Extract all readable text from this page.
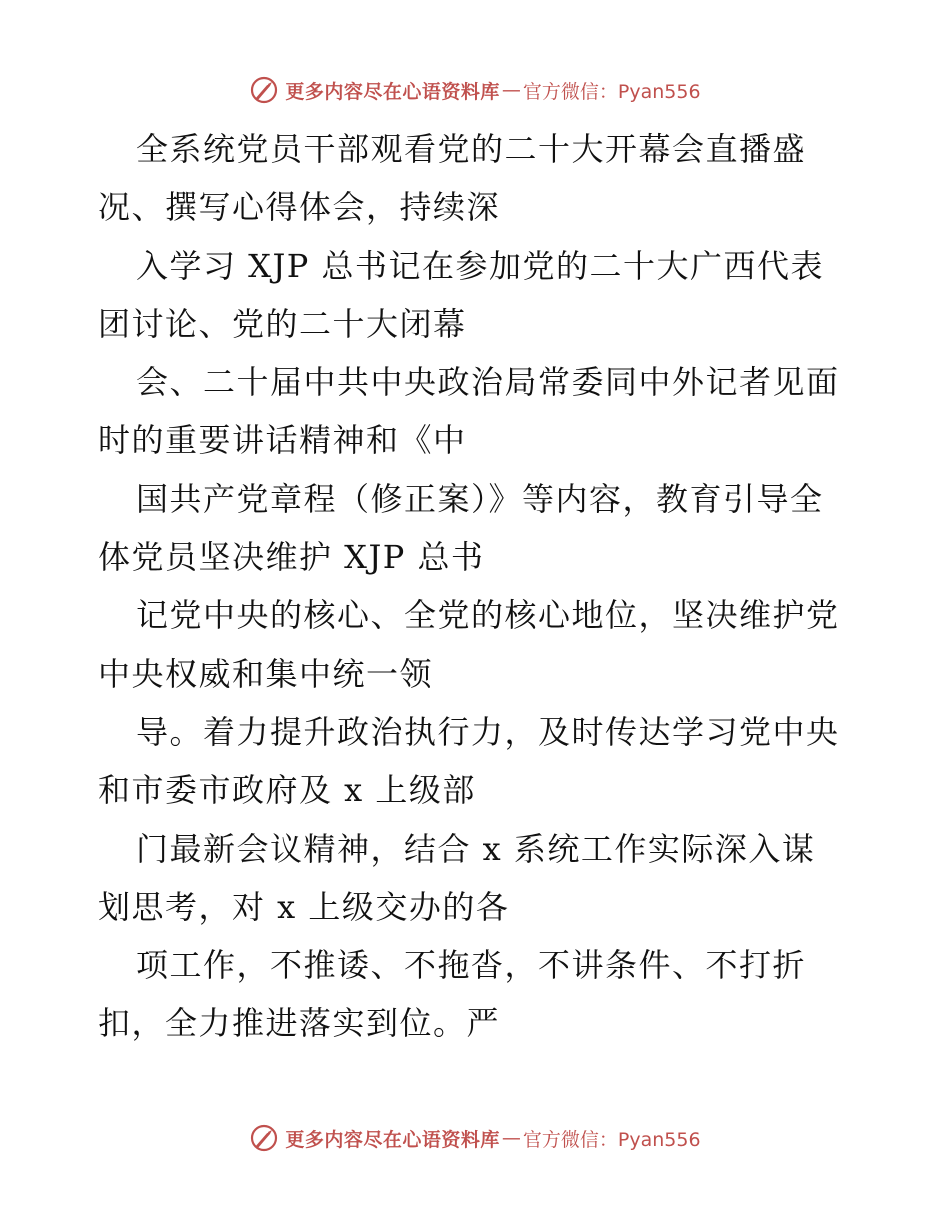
更多内容尽在心语资料库 — 官方微信：Pyan556
全系统党员干部观看党的二十大开幕会直播盛
况、撰写心得体会，持续深
入学习 XJP 总书记在参加党的二十大广西代表
团讨论、党的二十大闭幕
会、二十届中共中央政治局常委同中外记者见面
时的重要讲话精神和《中
国共产党章程（修正案）》等内容，教育引导全
体党员坚决维护 XJP 总书
记党中央的核心、全党的核心地位，坚决维护党
中央权威和集中统一领
导。着力提升政治执行力，及时传达学习党中央
和市委市政府及 x 上级部
门最新会议精神，结合 x 系统工作实际深入谋
划思考，对 x 上级交办的各
项工作，不推诿、不拖沓，不讲条件、不打折
扣，全力推进落实到位。严
更多内容尽在心语资料库 — 官方微信：Pyan556
